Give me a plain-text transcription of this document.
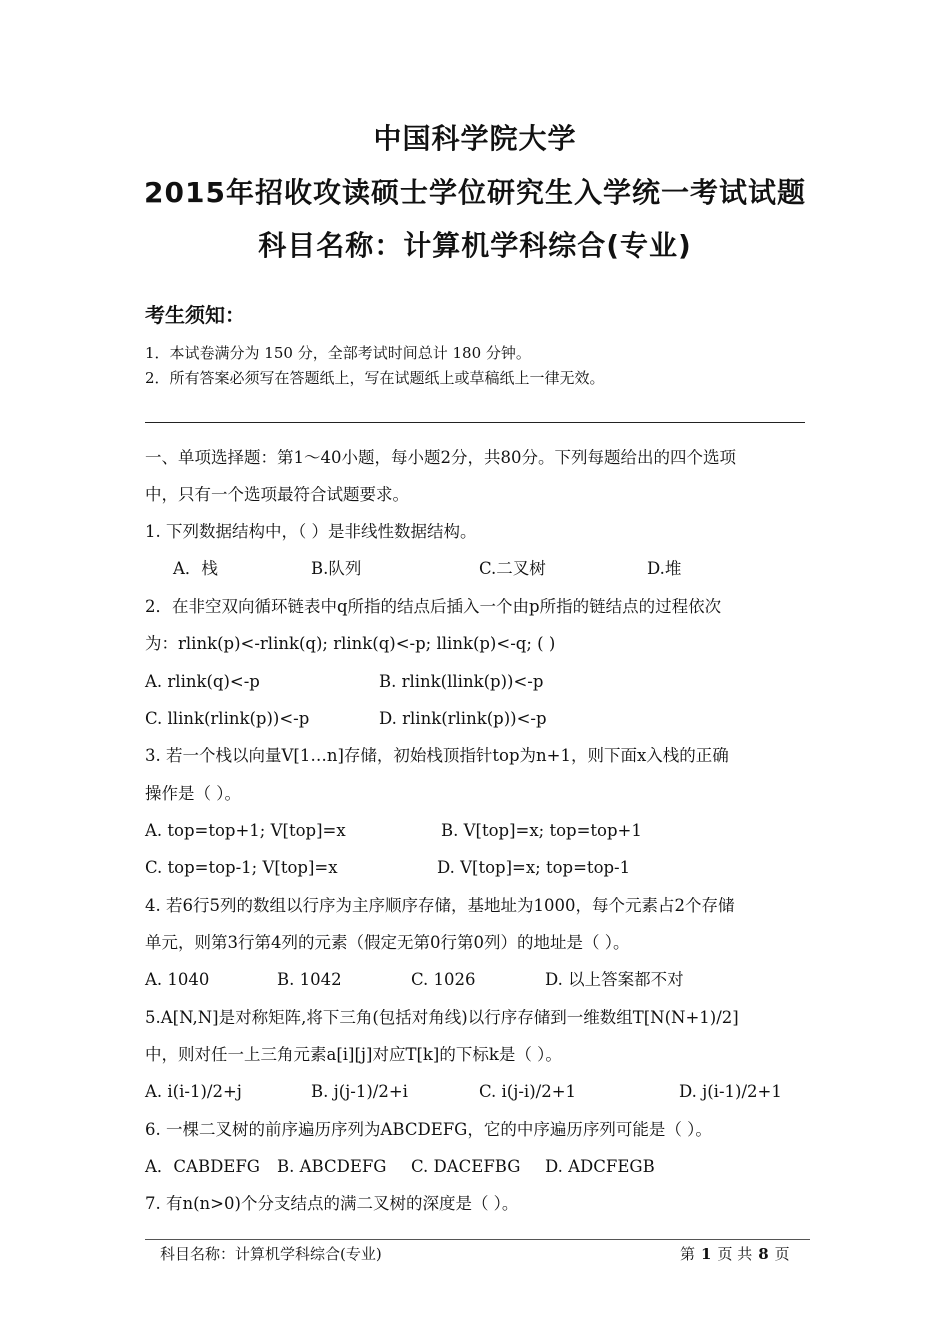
中国科学院大学
2015年招收攻读硕士学位研究生入学统一考试试题
科目名称：计算机学科综合(专业)
考生须知：
1．本试卷满分为 150 分，全部考试时间总计 180 分钟。
2．所有答案必须写在答题纸上，写在试题纸上或草稿纸上一律无效。
一、单项选择题：第1～40小题，每小题2分，共80分。下列每题给出的四个选项
中，只有一个选项最符合试题要求。
1. 下列数据结构中，（ ）是非线性数据结构。
A．栈	B.队列	C.二叉树	D.堆
2．在非空双向循环链表中q所指的结点后插入一个由p所指的链结点的过程依次
为：rlink(p)<-rlink(q); rlink(q)<-p; llink(p)<-q; ( )
A. rlink(q)<-p	B. rlink(llink(p))<-p
C. llink(rlink(p))<-p	D. rlink(rlink(p))<-p
3. 若一个栈以向量V[1…n]存储，初始栈顶指针top为n+1，则下面x入栈的正确
操作是（ ）。
A. top=top+1; V[top]=x	B. V[top]=x; top=top+1
C. top=top-1; V[top]=x	D. V[top]=x; top=top-1
4. 若6行5列的数组以行序为主序顺序存储，基地址为1000，每个元素占2个存储
单元，则第3行第4列的元素（假定无第0行第0列）的地址是（ ）。
A. 1040	B. 1042	C. 1026	D. 以上答案都不对
5.A[N,N]是对称矩阵,将下三角(包括对角线)以行序存储到一维数组T[N(N+1)/2]
中，则对任一上三角元素a[i][j]对应T[k]的下标k是（ ）。
A. i(i-1)/2+j	B. j(j-1)/2+i	C. i(j-i)/2+1	D. j(i-1)/2+1
6. 一棵二叉树的前序遍历序列为ABCDEFG，它的中序遍历序列可能是（ ）。
A．CABDEFG B. ABCDEFG C. DACEFBG D. ADCFEGB
7. 有n(n>0)个分支结点的满二叉树的深度是（ ）。
科目名称：计算机学科综合(专业)	第 1 页 共 8 页
